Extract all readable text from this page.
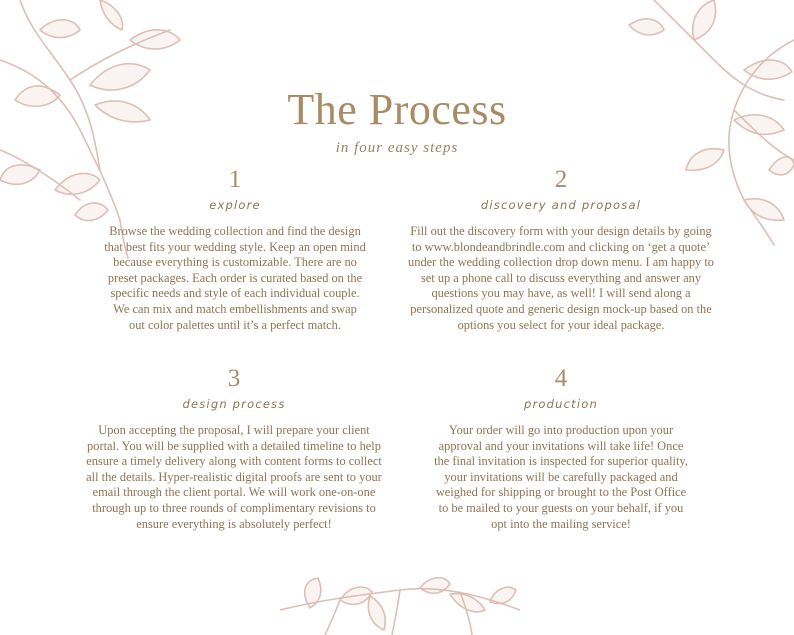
The Process
in four easy steps
1
explore
Browse the wedding collection and find the design that best fits your wedding style. Keep an open mind because everything is customizable. There are no preset packages. Each order is curated based on the specific needs and style of each individual couple. We can mix and match embellishments and swap out color palettes until it’s a perfect match.
2
discovery and proposal
Fill out the discovery form with your design details by going to www.blondeandbrindle.com and clicking on ‘get a quote’ under the wedding collection drop down menu. I am happy to set up a phone call to discuss everything and answer any questions you may have, as well! I will send along a personalized quote and generic design mock-up based on the options you select for your ideal package.
3
design process
Upon accepting the proposal, I will prepare your client portal. You will be supplied with a detailed timeline to help ensure a timely delivery along with content forms to collect all the details. Hyper-realistic digital proofs are sent to your email through the client portal. We will work one-on-one through up to three rounds of complimentary revisions to ensure everything is absolutely perfect!
4
production
Your order will go into production upon your approval and your invitations will take life! Once the final invitation is inspected for superior quality, your invitations will be carefully packaged and weighed for shipping or brought to the Post Office to be mailed to your guests on your behalf, if you opt into the mailing service!
